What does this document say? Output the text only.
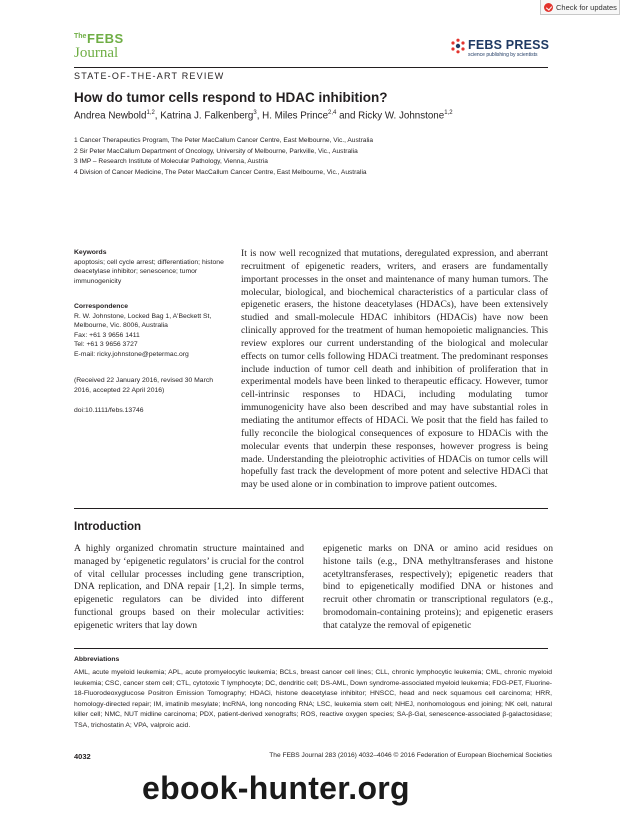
Check for updates
The FEBS
Journal	FEBS PRESS
science publishing by scientists
STATE-OF-THE-ART REVIEW
How do tumor cells respond to HDAC inhibition?
Andrea Newbold$^{1,2}$, Katrina J. Falkenberg$^3$, H. Miles Prince$^{2,4}$ and Ricky W. Johnstone$^{1,2}$
1 Cancer Therapeutics Program, The Peter MacCallum Cancer Centre, East Melbourne, Vic., Australia
2 Sir Peter MacCallum Department of Oncology, University of Melbourne, Parkville, Vic., Australia
3 IMP – Research Institute of Molecular Pathology, Vienna, Austria
4 Division of Cancer Medicine, The Peter MacCallum Cancer Centre, East Melbourne, Vic., Australia
Keywords
apoptosis; cell cycle arrest; differentiation; histone deacetylase inhibitor; senescence; tumor immunogenicity
Correspondence
R. W. Johnstone, Locked Bag 1, A'Beckett St, Melbourne, Vic. 8006, Australia
Fax: +61 3 9656 1411
Tel: +61 3 9656 3727
E-mail: ricky.johnstone@petermac.org
(Received 22 January 2016, revised 30 March 2016, accepted 22 April 2016)
doi:10.1111/febs.13746

It is now well recognized that mutations, deregulated expression, and aberrant recruitment of epigenetic readers, writers, and erasers are fundamentally important processes in the onset and maintenance of many human tumors. The molecular, biological, and biochemical characteristics of a particular class of epigenetic erasers, the histone deacetylases (HDACs), have been extensively studied and small-molecule HDAC inhibitors (HDACis) have now been clinically approved for the treatment of human hemopoietic malignancies. This review explores our current understanding of the biological and molecular effects on tumor cells following HDACi treatment. The predominant responses include induction of tumor cell death and inhibition of proliferation that in experimental models have been linked to therapeutic efficacy. However, tumor cell-intrinsic responses to HDACi, including modulating tumor immunogenicity have also been described and may have substantial roles in mediating the antitumor effects of HDACi. We posit that the field has failed to fully reconcile the biological consequences of exposure to HDACis with the molecular events that underpin these responses, however progress is being made. Understanding the pleiotrophic activities of HDACis on tumor cells will hopefully fast track the development of more potent and selective HDACi that may be used alone or in combination to improve patient outcomes.

Introduction
A highly organized chromatin structure maintained and managed by ‘epigenetic regulators’ is crucial for the control of vital cellular processes including gene transcription, DNA replication, and DNA repair [1,2]. In simple terms, epigenetic regulators can be divided into different functional groups based on their molecular activities: epigenetic writers that lay down
epigenetic marks on DNA or amino acid residues on histone tails (e.g., DNA methyltransferases and histone acetyltransferases, respectively); epigenetic readers that bind to epigenetically modified DNA or histones and recruit other chromatin or transcriptional regulators (e.g., bromodomain-containing proteins); and epigenetic erasers that catalyze the removal of epigenetic
Abbreviations
AML, acute myeloid leukemia; APL, acute promyelocytic leukemia; BCLs, breast cancer cell lines; CLL, chronic lymphocytic leukemia; CML, chronic myeloid leukemia; CSC, cancer stem cell; CTL, cytotoxic T lymphocyte; DC, dendritic cell; DS-AML, Down syndrome-associated myeloid leukemia; FDG-PET, Fluorine-18-Fluorodeoxyglucose Positron Emission Tomography; HDACi, histone deacetylase inhibitor; HNSCC, head and neck squamous cell carcinoma; HRR, homology-directed repair; IM, imatinib mesylate; lncRNA, long noncoding RNA; LSC, leukemia stem cell; NHEJ, nonhomologous end joining; NK cell, natural killer cell; NMC, NUT midline carcinoma; PDX, patient-derived xenografts; ROS, reactive oxygen species; SA-β-Gal, senescence-associated β-galactosidase; TSA, trichostatin A; VPA, valproic acid.
4032	The FEBS Journal 283 (2016) 4032–4046 © 2016 Federation of European Biochemical Societies
ebook-hunter.org
